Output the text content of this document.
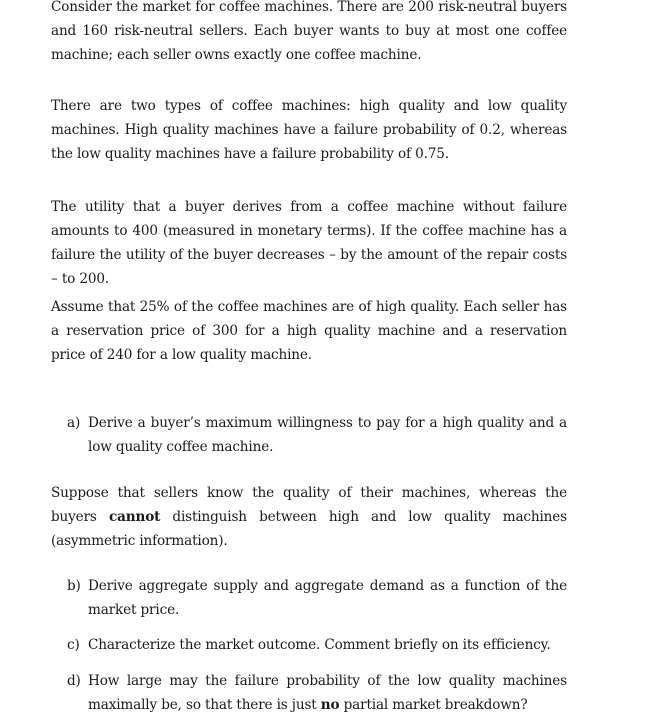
Consider the market for coffee machines. There are 200 risk-neutral buyers and 160 risk-neutral sellers. Each buyer wants to buy at most one coffee machine; each seller owns exactly one coffee machine.

There are two types of coffee machines: high quality and low quality machines. High quality machines have a failure probability of 0.2, whereas the low quality machines have a failure probability of 0.75.

The utility that a buyer derives from a coffee machine without failure amounts to 400 (measured in monetary terms). If the coffee machine has a failure the utility of the buyer decreases – by the amount of the repair costs – to 200.

Assume that 25% of the coffee machines are of high quality. Each seller has a reservation price of 300 for a high quality machine and a reservation price of 240 for a low quality machine.

a) Derive a buyer’s maximum willingness to pay for a high quality and a low quality coffee machine.

Suppose that sellers know the quality of their machines, whereas the buyers cannot distinguish between high and low quality machines (asymmetric information).

b) Derive aggregate supply and aggregate demand as a function of the market price.
c) Characterize the market outcome. Comment briefly on its efficiency.
d) How large may the failure probability of the low quality machines maximally be, so that there is just no partial market breakdown?
